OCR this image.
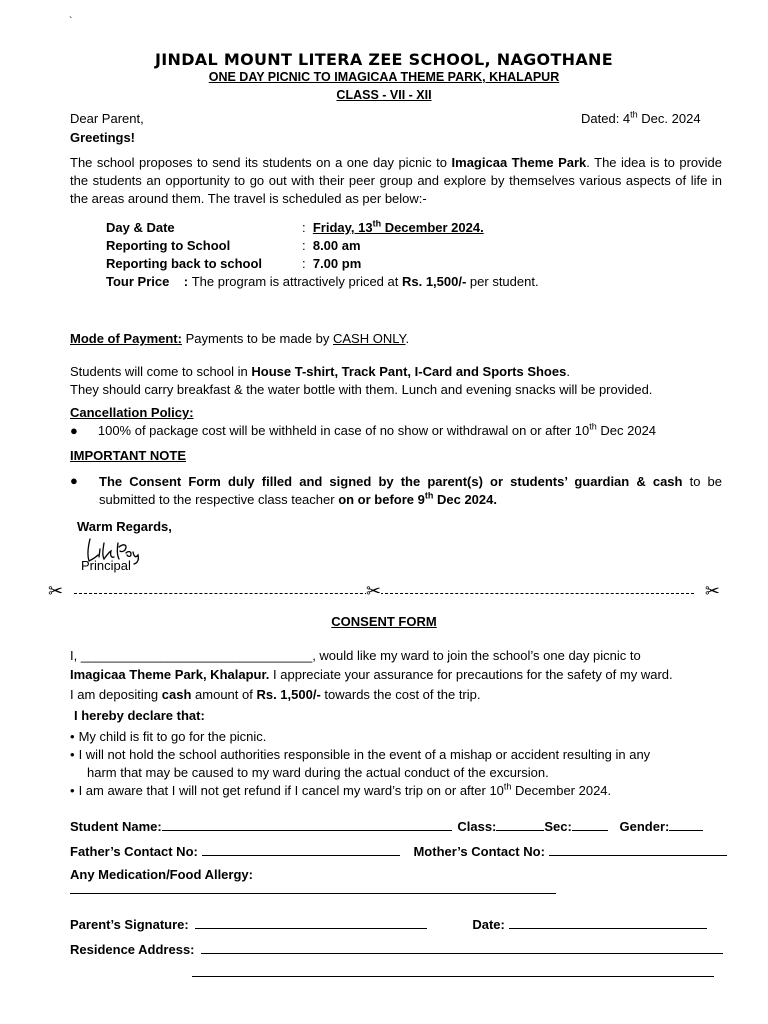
`
JINDAL MOUNT LITERA ZEE SCHOOL, NAGOTHANE
ONE DAY PICNIC TO IMAGICAA THEME PARK, KHALAPUR
CLASS - VII - XII
Dear Parent,
Greetings!
Dated: 4th Dec. 2024
The school proposes to send its students on a one day picnic to Imagicaa Theme Park. The idea is to provide the students an opportunity to go out with their peer group and explore by themselves various aspects of life in the areas around them. The travel is scheduled as per below:-
Day & Date	:  Friday, 13th December 2024.
Reporting to School	:  8.00 am
Reporting back to school	:  7.00 pm
Tour Price    : The program is attractively priced at Rs. 1,500/- per student.
Mode of Payment: Payments to be made by CASH ONLY.
Students will come to school in House T-shirt, Track Pant, I-Card and Sports Shoes.
They should carry breakfast & the water bottle with them. Lunch and evening snacks will be provided.
Cancellation Policy:
● 100% of package cost will be withheld in case of no show or withdrawal on or after 10th Dec 2024
IMPORTANT NOTE
● The Consent Form duly filled and signed by the parent(s) or students’ guardian & cash to be submitted to the respective class teacher on or before 9th Dec 2024.
Warm Regards,
Principal
✂	✂	✂
CONSENT FORM
I, ________________________________, would like my ward to join the school’s one day picnic to
Imagicaa Theme Park, Khalapur. I appreciate your assurance for precautions for the safety of my ward.
I am depositing cash amount of Rs. 1,500/- towards the cost of the trip.
I hereby declare that:
• My child is fit to go for the picnic.
• I will not hold the school authorities responsible in the event of a mishap or accident resulting in any
harm that may be caused to my ward during the actual conduct of the excursion.
• I am aware that I will not get refund if I cancel my ward’s trip on or after 10th December 2024.
Student Name:	Class:	Sec:	Gender:
Father’s Contact No:	Mother’s Contact No:
Any Medication/Food Allergy:
Parent’s Signature:	Date:
Residence Address:
